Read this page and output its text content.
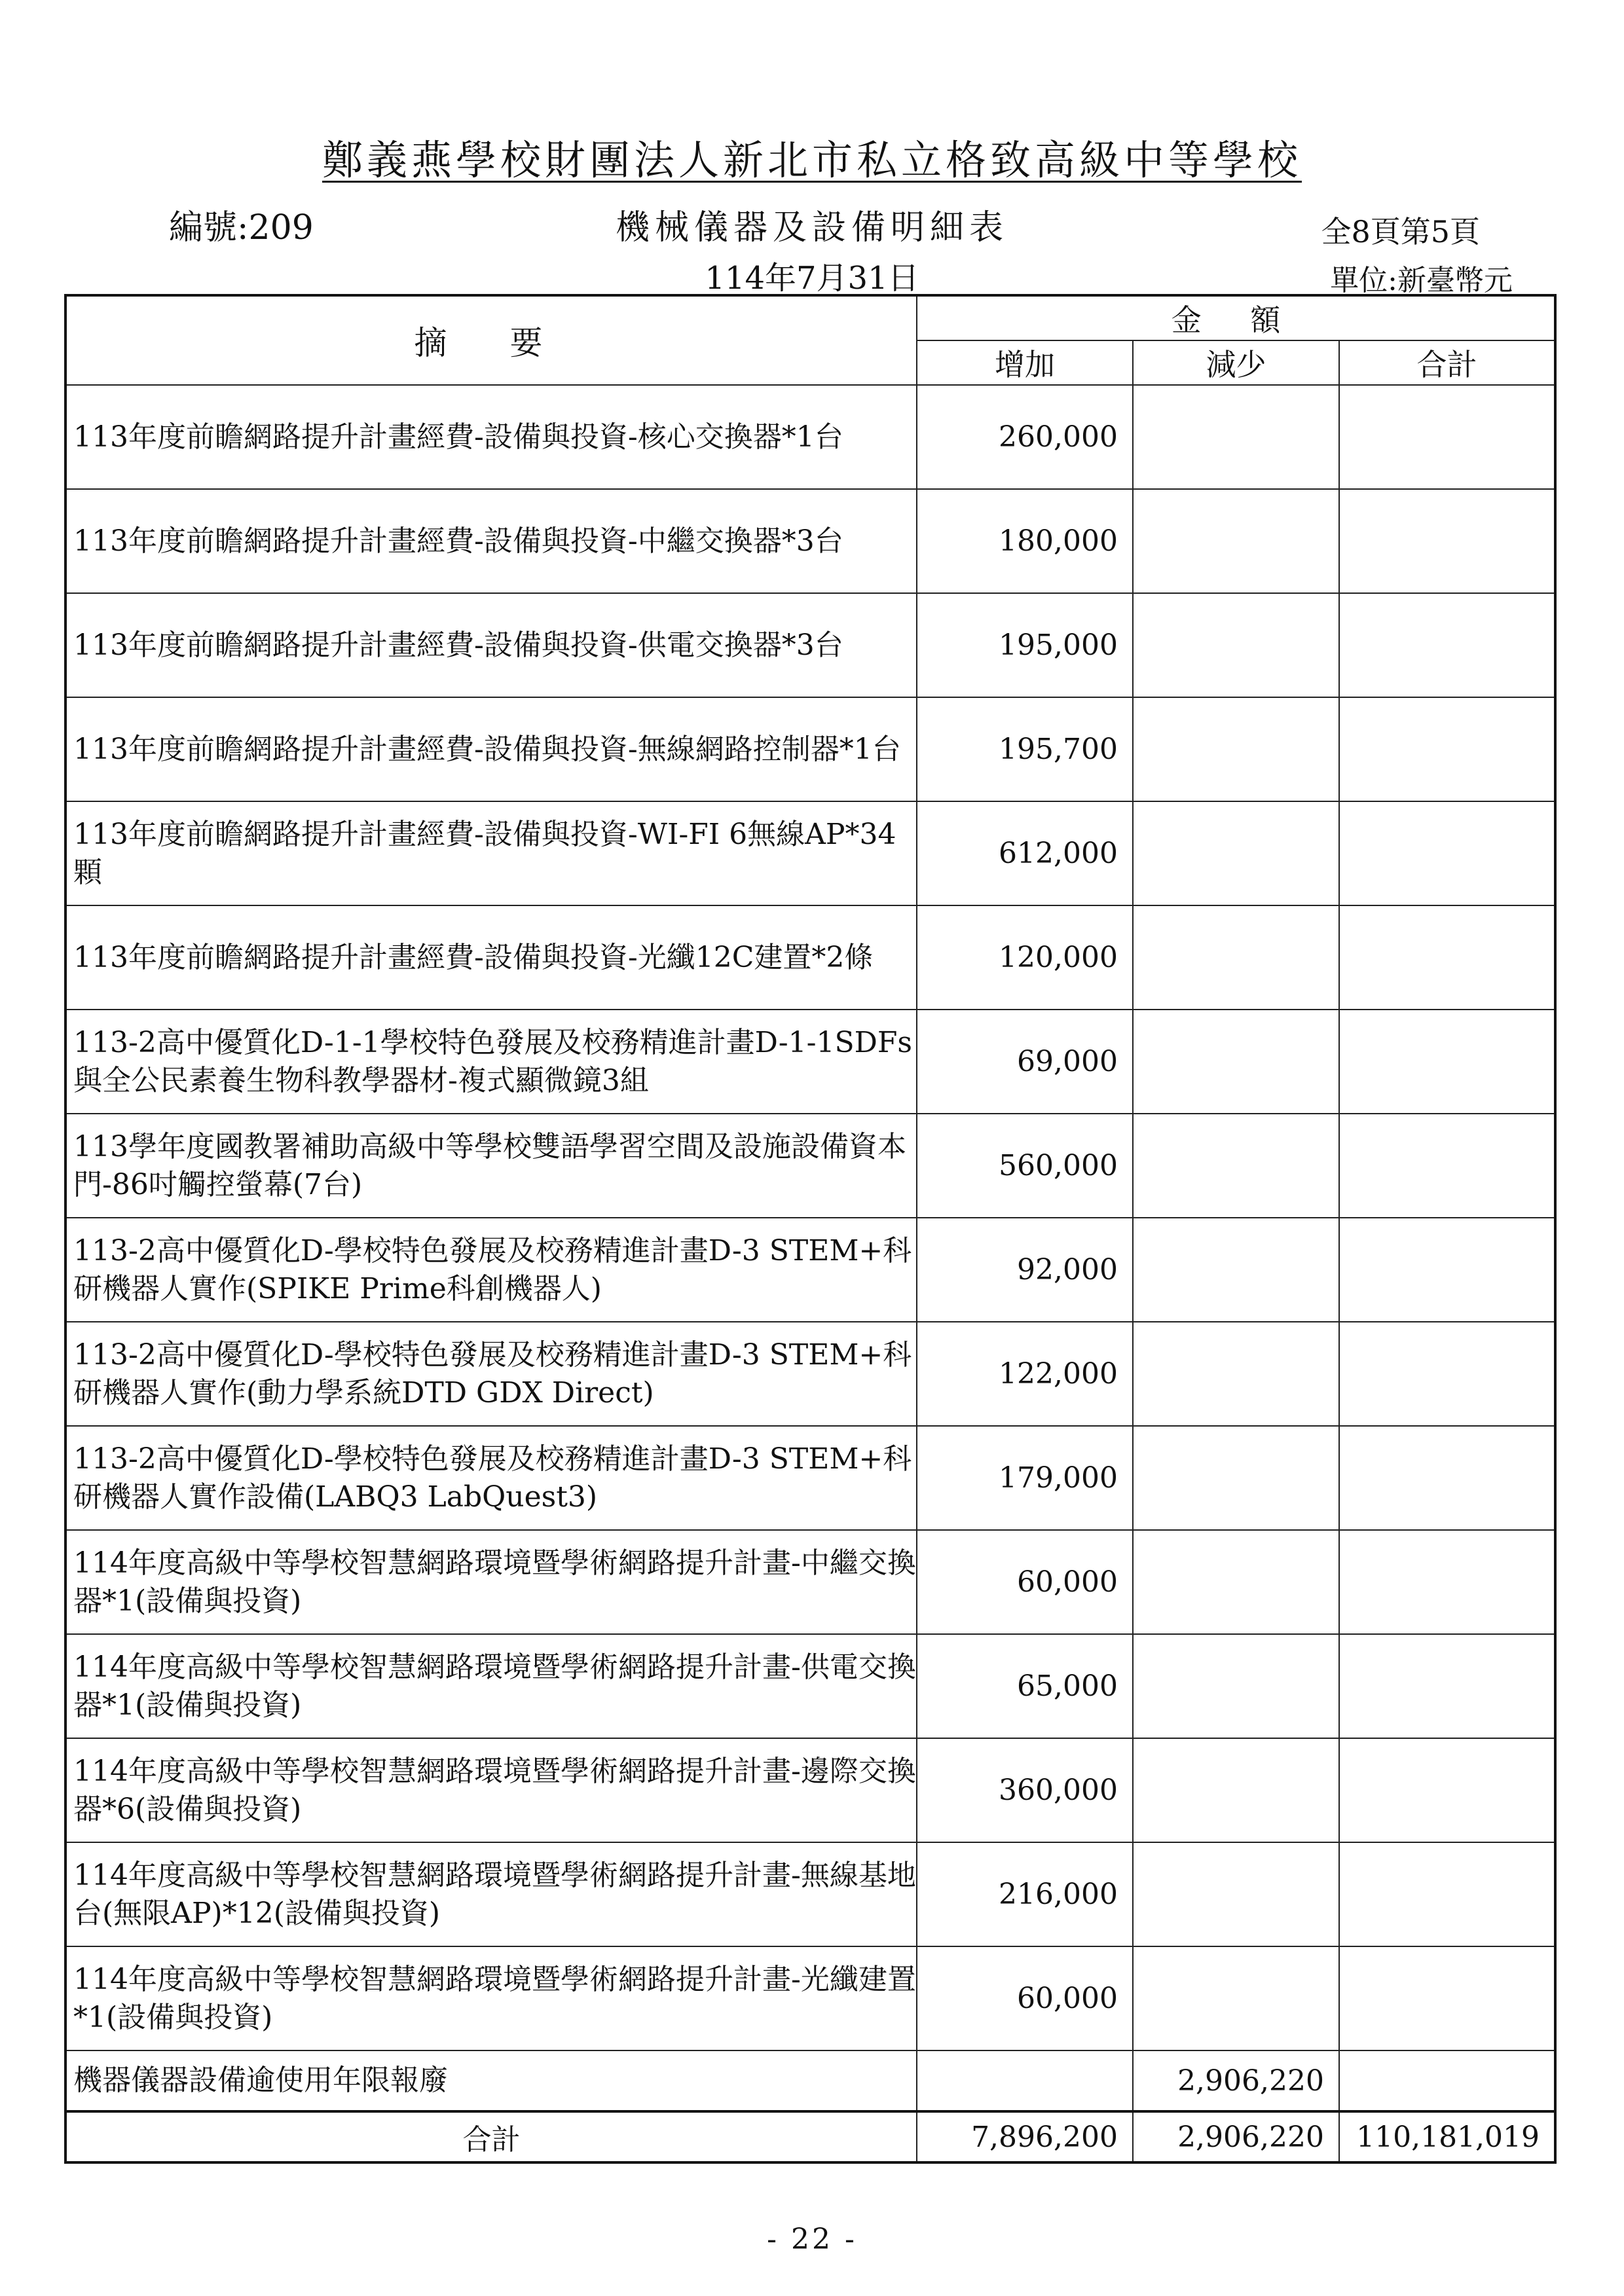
鄭義燕學校財團法人新北市私立格致高級中等學校
編號:209	機械儀器及設備明細表	全8頁第5頁
114年7月31日	單位:新臺幣元
摘 要	金 額		
	增加	減少	合計
113年度前瞻網路提升計畫經費-設備與投資-核心交換器*1台	260,000		
113年度前瞻網路提升計畫經費-設備與投資-中繼交換器*3台	180,000		
113年度前瞻網路提升計畫經費-設備與投資-供電交換器*3台	195,000		
113年度前瞻網路提升計畫經費-設備與投資-無線網路控制器*1台	195,700		
113年度前瞻網路提升計畫經費-設備與投資-WI-FI 6無線AP*34顆	612,000		
113年度前瞻網路提升計畫經費-設備與投資-光纖12C建置*2條	120,000		
113-2高中優質化D-1-1學校特色發展及校務精進計畫D-1-1SDFs與全公民素養生物科教學器材-複式顯微鏡3組	69,000		
113學年度國教署補助高級中等學校雙語學習空間及設施設備資本門-86吋觸控螢幕(7台)	560,000		
113-2高中優質化D-學校特色發展及校務精進計畫D-3 STEM+科研機器人實作(SPIKE Prime科創機器人)	92,000		
113-2高中優質化D-學校特色發展及校務精進計畫D-3 STEM+科研機器人實作(動力學系統DTD GDX Direct)	122,000		
113-2高中優質化D-學校特色發展及校務精進計畫D-3 STEM+科研機器人實作設備(LABQ3 LabQuest3)	179,000		
114年度高級中等學校智慧網路環境暨學術網路提升計畫-中繼交換器*1(設備與投資)	60,000		
114年度高級中等學校智慧網路環境暨學術網路提升計畫-供電交換器*1(設備與投資)	65,000		
114年度高級中等學校智慧網路環境暨學術網路提升計畫-邊際交換器*6(設備與投資)	360,000		
114年度高級中等學校智慧網路環境暨學術網路提升計畫-無線基地台(無限AP)*12(設備與投資)	216,000		
114年度高級中等學校智慧網路環境暨學術網路提升計畫-光纖建置*1(設備與投資)	60,000		
機器儀器設備逾使用年限報廢		2,906,220	
合計	7,896,200	2,906,220	110,181,019
- 22 -
